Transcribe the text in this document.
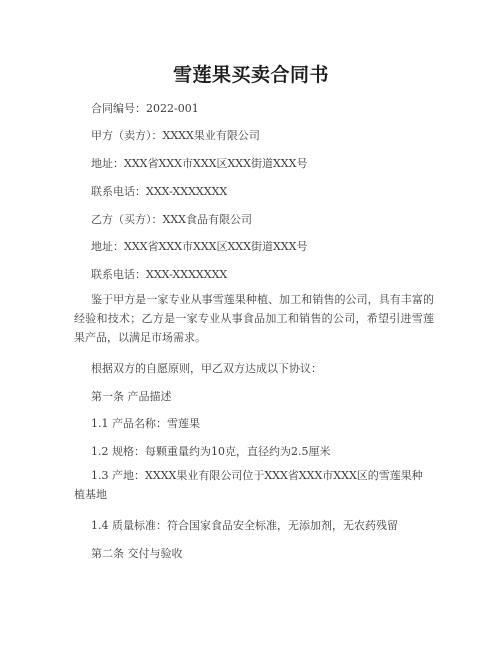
雪莲果买卖合同书
合同编号：2022-001
甲方（卖方）：XXXX果业有限公司
地址：XXX省XXX市XXX区XXX街道XXX号
联系电话：XXX-XXXXXXX
乙方（买方）：XXX食品有限公司
地址：XXX省XXX市XXX区XXX街道XXX号
联系电话：XXX-XXXXXXX
鉴于甲方是一家专业从事雪莲果种植、加工和销售的公司，具有丰富的经验和技术；乙方是一家专业从事食品加工和销售的公司，希望引进雪莲果产品，以满足市场需求。
根据双方的自愿原则，甲乙双方达成以下协议：
第一条 产品描述
1.1 产品名称：雪莲果
1.2 规格：每颗重量约为10克，直径约为2.5厘米
1.3 产地：XXXX果业有限公司位于XXX省XXX市XXX区的雪莲果种植基地
1.4 质量标准：符合国家食品安全标准，无添加剂，无农药残留
第二条 交付与验收
